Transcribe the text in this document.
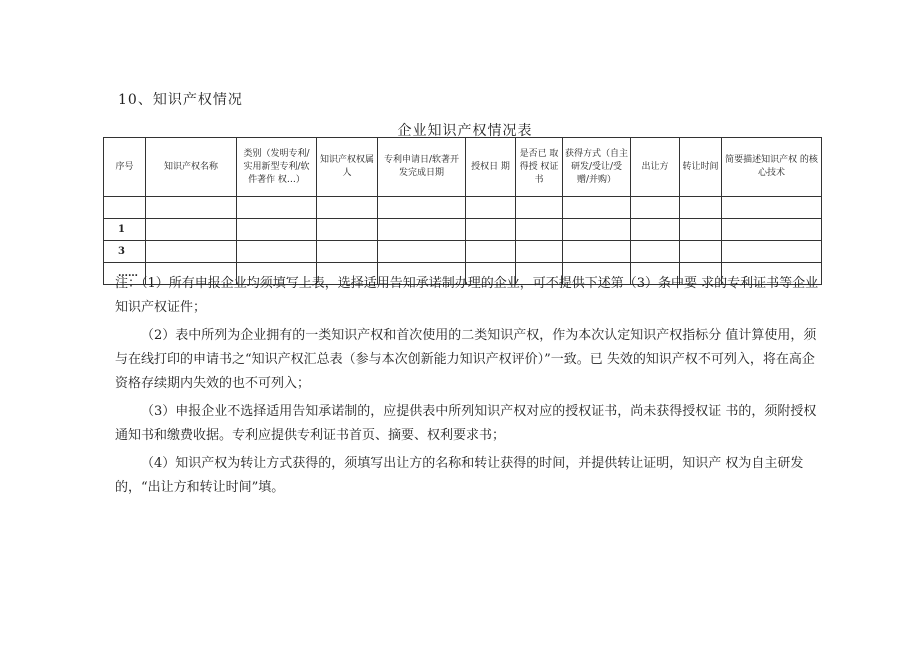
10、知识产权情况
企业知识产权情况表
序号	知识产权名称	类别（发明专利/实用新型专利/软件著作 权…）	知识产权权属人	专利申请日/软著开发完成日期	授权日 期	是否已 取得授 权证书	获得方式（自主研发/受让/受赠/并购）	出让方	转让时间	简要描述知识产权 的核心技术

1										
3										
……										

注：（1）所有申报企业均须填写上表，选择适用告知承诺制办理的企业，可不提供下述第（3）条中要 求的专利证书等企业知识产权证件；

（2）表中所列为企业拥有的一类知识产权和首次使用的二类知识产权，作为本次认定知识产权指标分 值计算使用，须与在线打印的申请书之“知识产权汇总表（参与本次创新能力知识产权评价）”一致。已 失效的知识产权不可列入，将在高企资格存续期内失效的也不可列入；

（3）申报企业不选择适用告知承诺制的，应提供表中所列知识产权对应的授权证书，尚未获得授权证 书的，须附授权通知书和缴费收据。专利应提供专利证书首页、摘要、权利要求书；

（4）知识产权为转让方式获得的，须填写出让方的名称和转让获得的时间，并提供转让证明，知识产 权为自主研发的，“出让方和转让时间”填。
